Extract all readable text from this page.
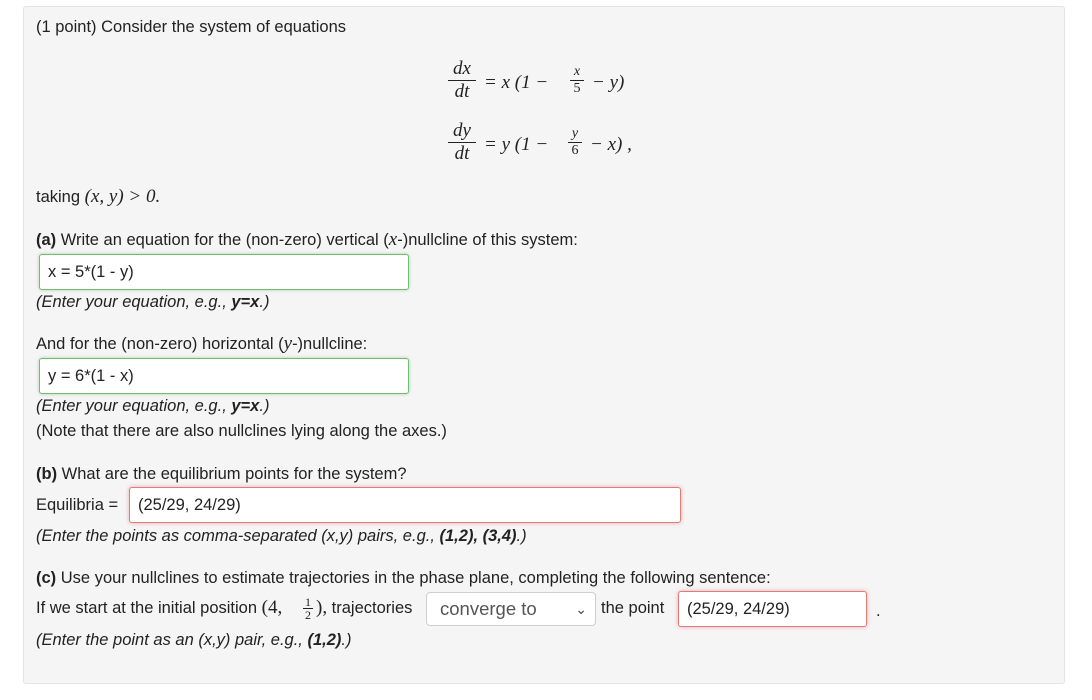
(1 point) Consider the system of equations
$\frac{dx}{dt} = x$ $(1 - \frac{x}{5} - y)$
$\frac{dy}{dt} = y$ $(1 - \frac{y}{6} - x)$ ,
taking (x, y) > 0.
(a) Write an equation for the (non-zero) vertical (x-)nullcline of this system:
x = 5*(1 - y)
(Enter your equation, e.g., y=x.)
And for the (non-zero) horizontal (y-)nullcline:
y = 6*(1 - x)
(Enter your equation, e.g., y=x.)
(Note that there are also nullclines lying along the axes.)
(b) What are the equilibrium points for the system?
Equilibria =	(25/29, 24/29)
(Enter the points as comma-separated (x,y) pairs, e.g., (1,2), (3,4).)
(c) Use your nullclines to estimate trajectories in the phase plane, completing the following sentence:
If we start at the initial position (4, $\frac{1}{2}$ ), trajectories	converge to	⌄ the point	(25/29, 24/29)	.
(Enter the point as an (x,y) pair, e.g., (1,2).)
